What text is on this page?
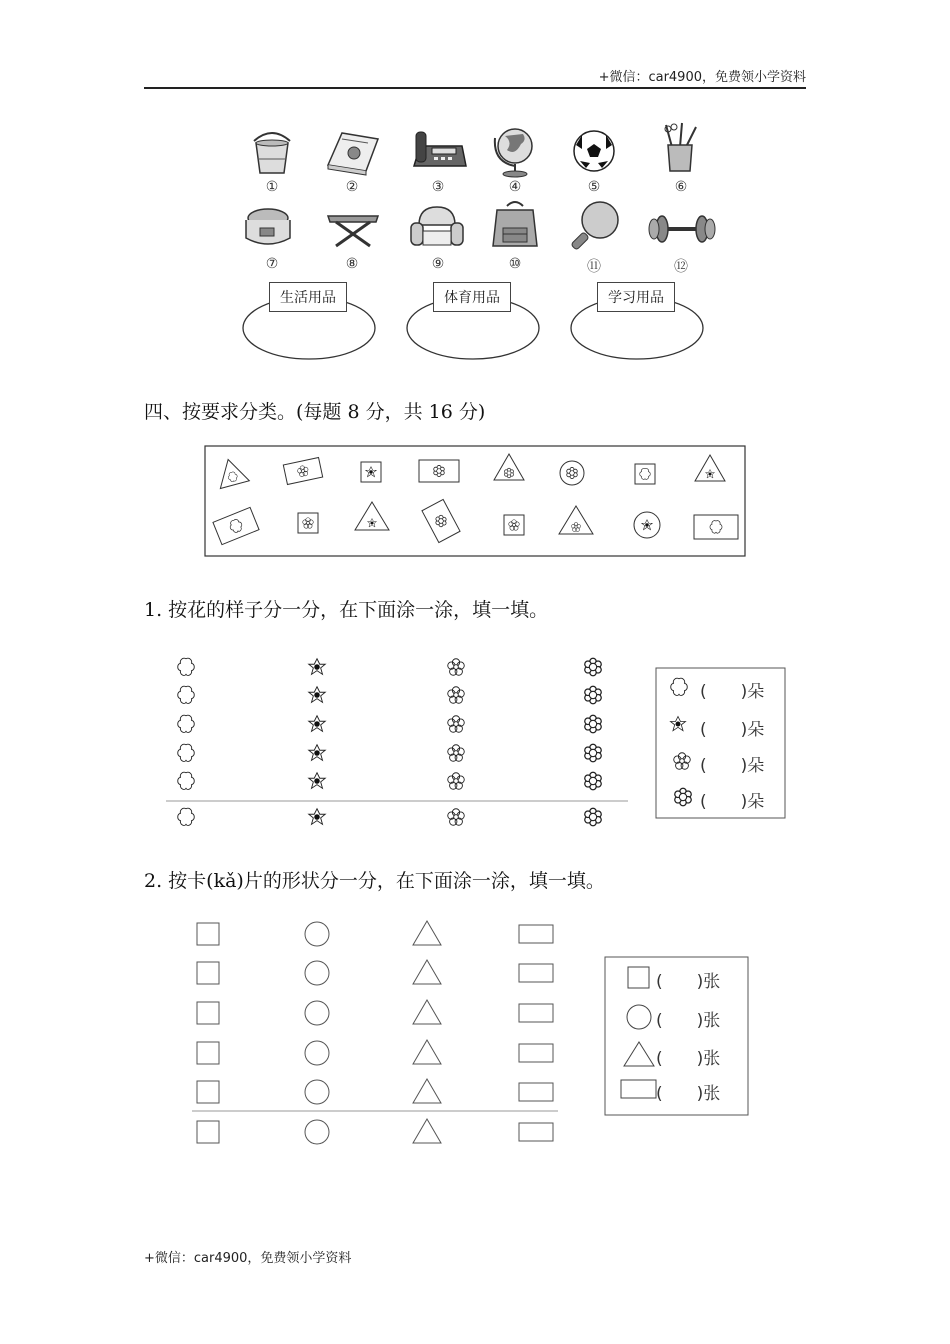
+微信：car4900，免费领小学资料
①	②	③	④	⑤	⑥
⑦	⑧	⑨	⑩	⑪	⑫
生活用品	体育用品	学习用品
四、按要求分类。(每题 8 分，共 16 分)
1. 按花的样子分一分，在下面涂一涂，填一填。
2. 按卡(kǎ)片的形状分一分，在下面涂一涂，填一填。
(　　)朵
(　　)朵
(　　)朵
(　　)朵
(　　)张
(　　)张
(　　)张
(　　)张
+微信：car4900，免费领小学资料
